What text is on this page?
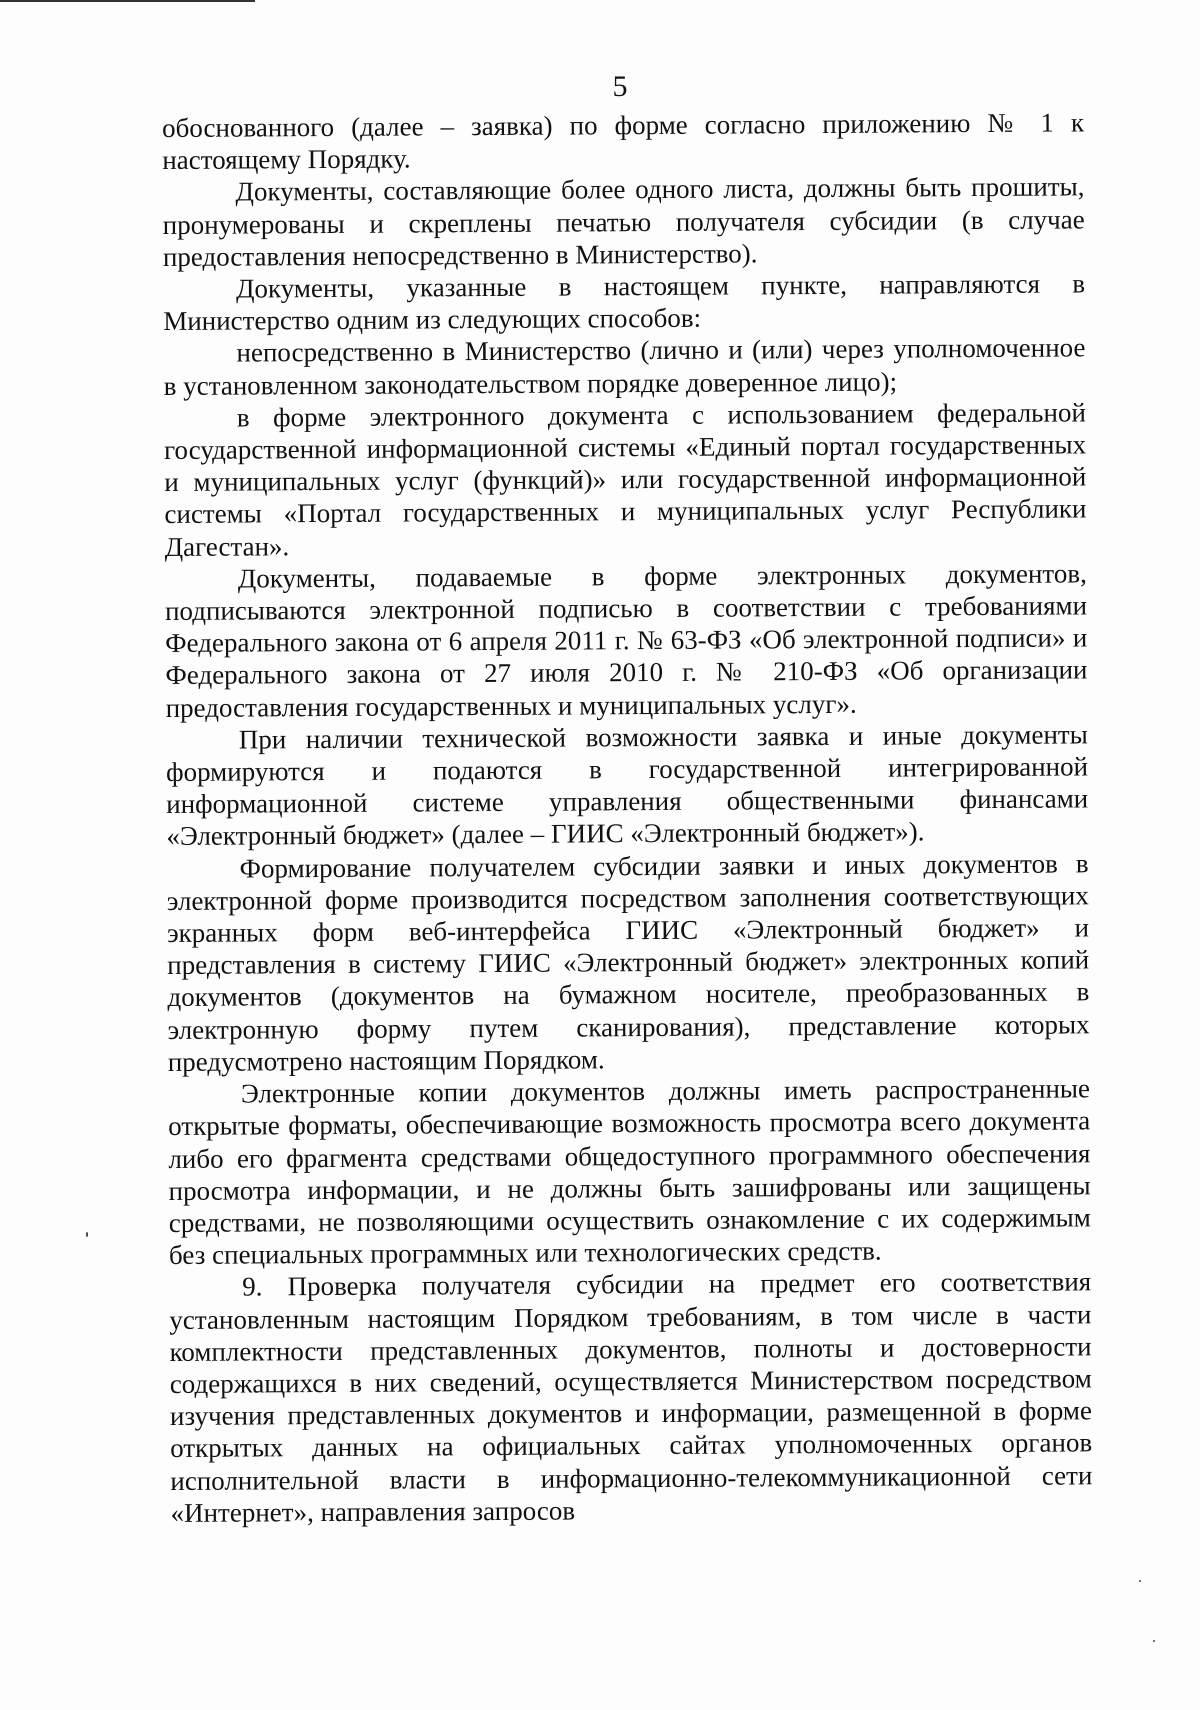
5

обоснованного (далее – заявка) по форме согласно приложению № 1 к настоящему Порядку.

Документы, составляющие более одного листа, должны быть прошиты, пронумерованы и скреплены печатью получателя субсидии (в случае предоставления непосредственно в Министерство).

Документы, указанные в настоящем пункте, направляются в Министерство одним из следующих способов:

непосредственно в Министерство (лично и (или) через уполномоченное в установленном законодательством порядке доверенное лицо);

в форме электронного документа с использованием федеральной государственной информационной системы «Единый портал государственных и муниципальных услуг (функций)» или государственной информационной системы «Портал государственных и муниципальных услуг Республики Дагестан».

Документы, подаваемые в форме электронных документов, подписываются электронной подписью в соответствии с требованиями Федерального закона от 6 апреля 2011 г. № 63-ФЗ «Об электронной подписи» и Федерального закона от 27 июля 2010 г. № 210-ФЗ «Об организации предоставления государственных и муниципальных услуг».

При наличии технической возможности заявка и иные документы формируются и подаются в государственной интегрированной информационной системе управления общественными финансами «Электронный бюджет» (далее – ГИИС «Электронный бюджет»).

Формирование получателем субсидии заявки и иных документов в электронной форме производится посредством заполнения соответствующих экранных форм веб-интерфейса ГИИС «Электронный бюджет» и представления в систему ГИИС «Электронный бюджет» электронных копий документов (документов на бумажном носителе, преобразованных в электронную форму путем сканирования), представление которых предусмотрено настоящим Порядком.

Электронные копии документов должны иметь распространенные открытые форматы, обеспечивающие возможность просмотра всего документа либо его фрагмента средствами общедоступного программного обеспечения просмотра информации, и не должны быть зашифрованы или защищены средствами, не позволяющими осуществить ознакомление с их содержимым без специальных программных или технологических средств.

9. Проверка получателя субсидии на предмет его соответствия установленным настоящим Порядком требованиям, в том числе в части комплектности представленных документов, полноты и достоверности содержащихся в них сведений, осуществляется Министерством посредством изучения представленных документов и информации, размещенной в форме открытых данных на официальных сайтах уполномоченных органов исполнительной власти в информационно-телекоммуникационной сети «Интернет», направления запросов
